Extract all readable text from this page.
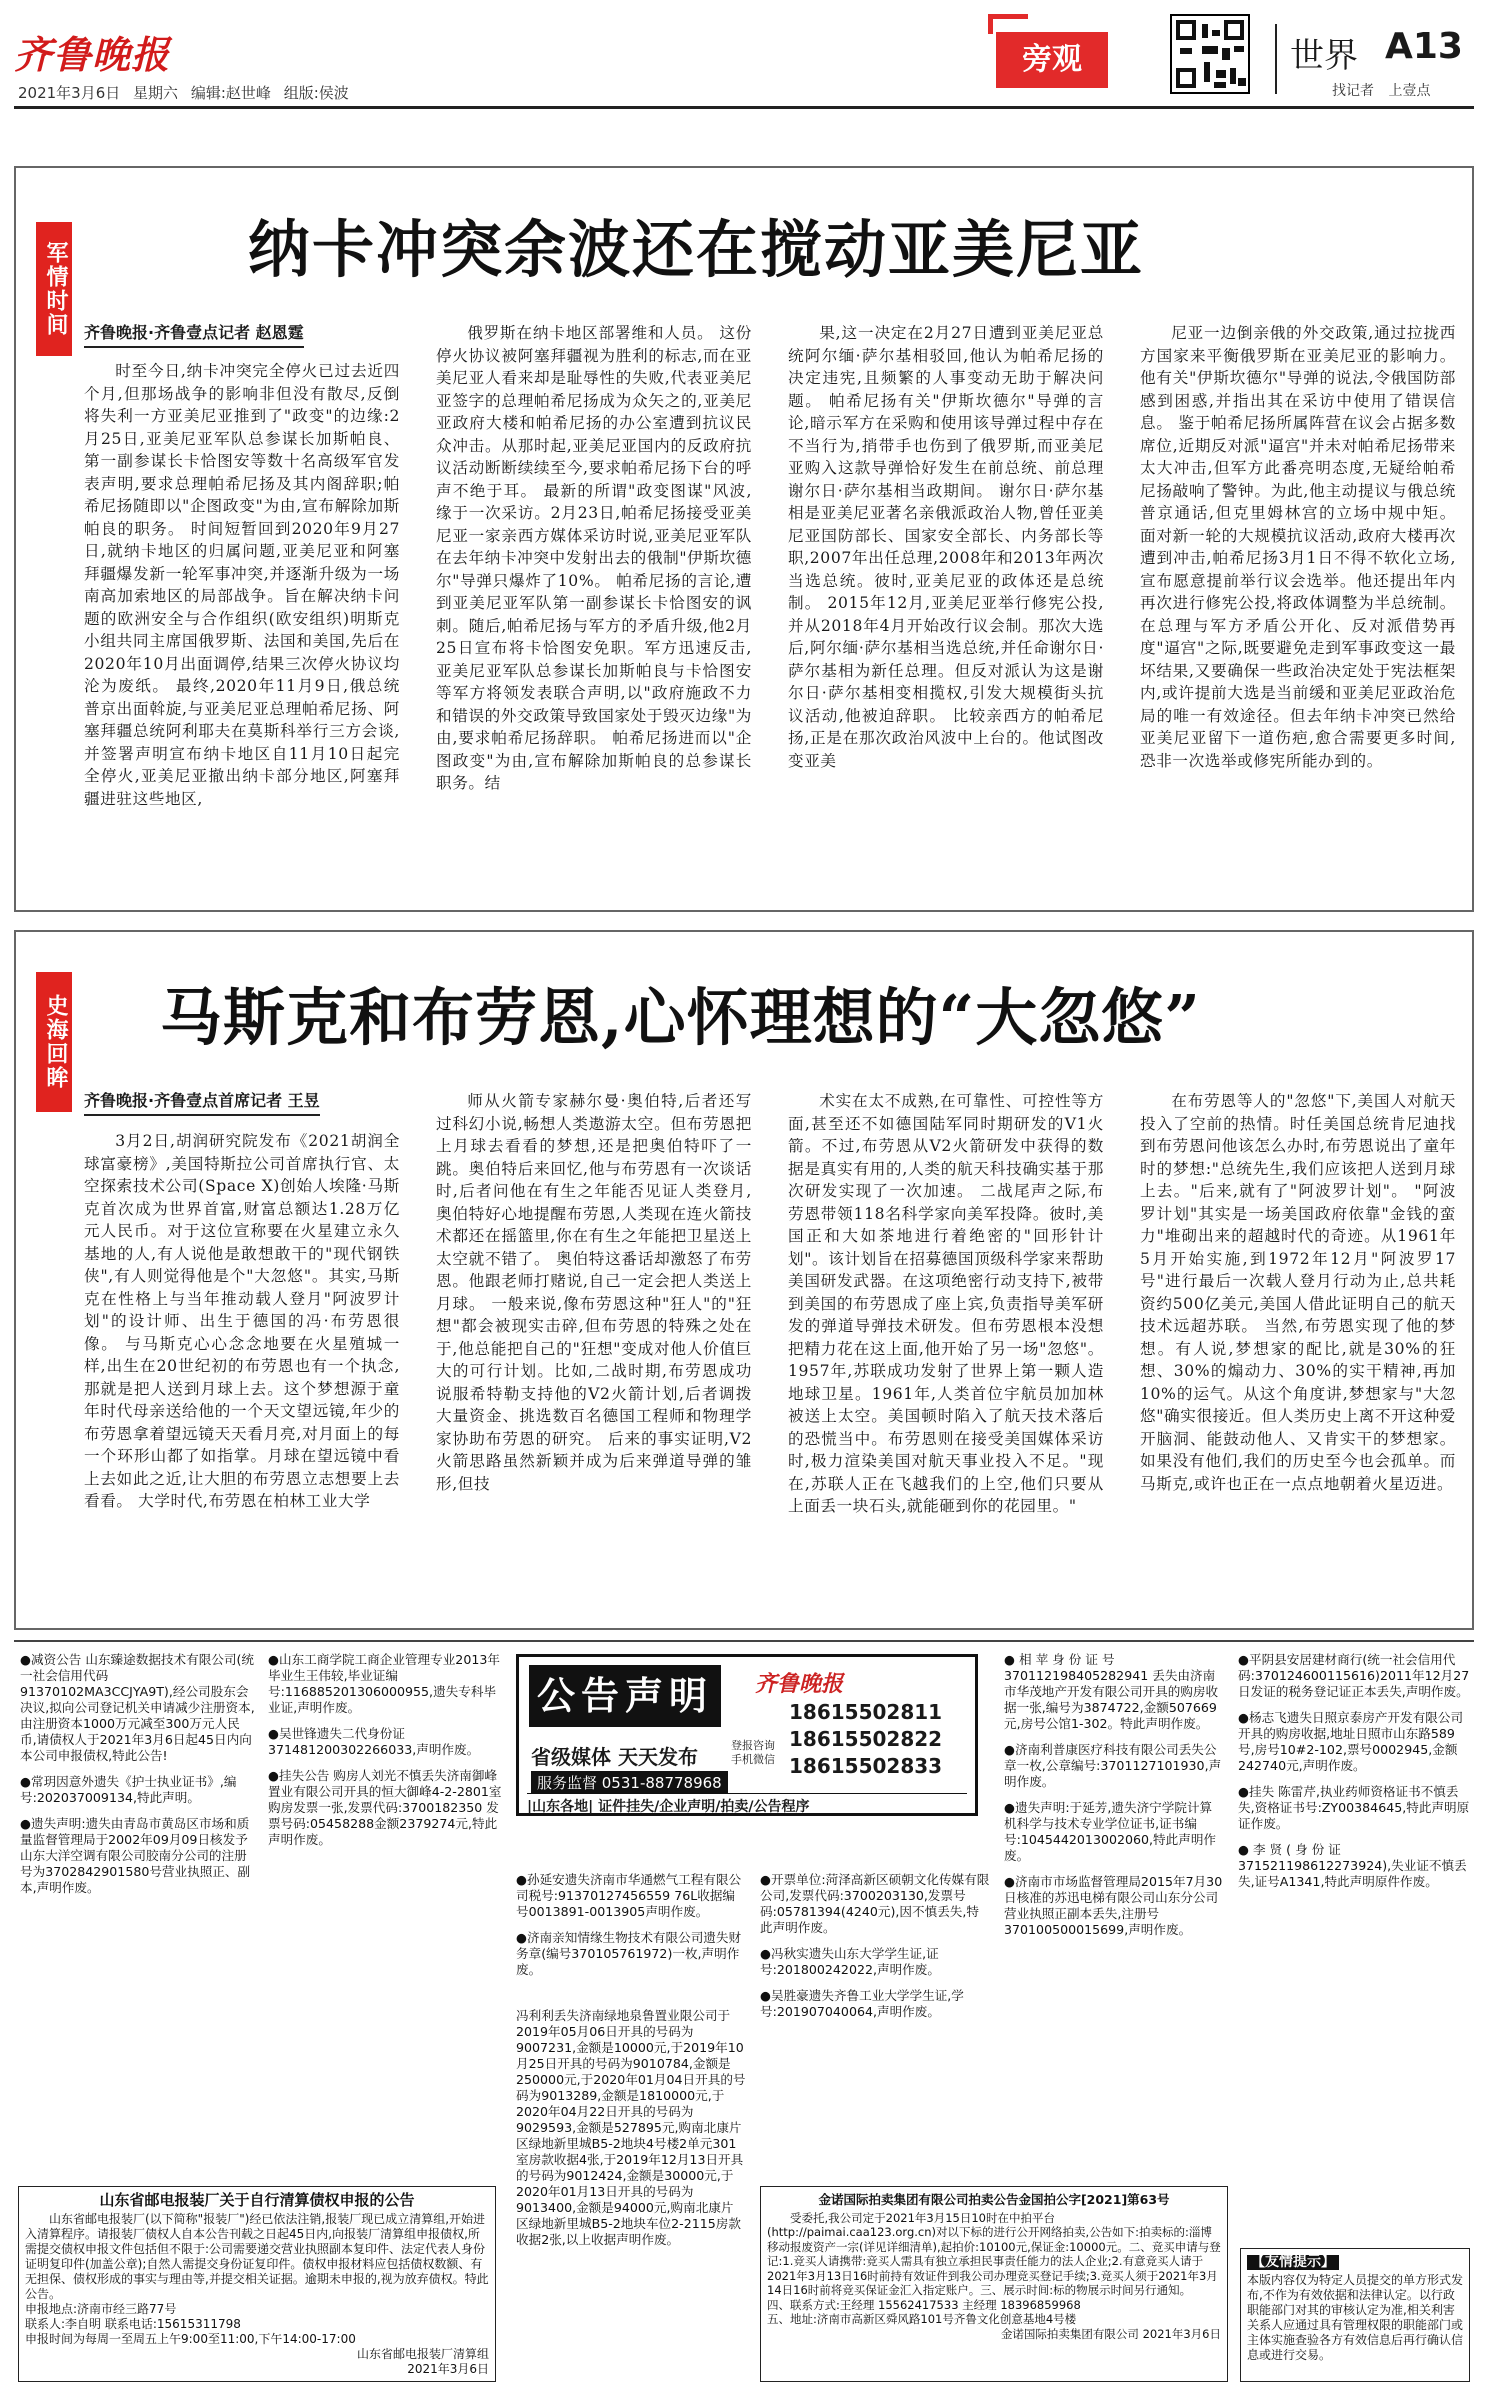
齐鲁晚报
2021年3月6日 星期六 编辑:赵世峰 组版:侯波
旁观	世界 A13
找记者 上壹点
军情时间	纳卡冲突余波还在搅动亚美尼亚
齐鲁晚报·齐鲁壹点记者 赵恩霆
时至今日,纳卡冲突完全停火已过去近四个月,但那场战争的影响非但没有散尽,反倒将失利一方亚美尼亚推到了"政变"的边缘:2月25日,亚美尼亚军队总参谋长加斯帕良、第一副参谋长卡恰图安等数十名高级军官发表声明,要求总理帕希尼扬及其内阁辞职;帕希尼扬随即以"企图政变"为由,宣布解除加斯帕良的职务。 时间短暂回到2020年9月27日,就纳卡地区的归属问题,亚美尼亚和阿塞拜疆爆发新一轮军事冲突,并逐渐升级为一场南高加索地区的局部战争。旨在解决纳卡问题的欧洲安全与合作组织(欧安组织)明斯克小组共同主席国俄罗斯、法国和美国,先后在2020年10月出面调停,结果三次停火协议均沦为废纸。 最终,2020年11月9日,俄总统普京出面斡旋,与亚美尼亚总理帕希尼扬、阿塞拜疆总统阿利耶夫在莫斯科举行三方会谈,并签署声明宣布纳卡地区自11月10日起完全停火,亚美尼亚撤出纳卡部分地区,阿塞拜疆进驻这些地区,
俄罗斯在纳卡地区部署维和人员。 这份停火协议被阿塞拜疆视为胜利的标志,而在亚美尼亚人看来却是耻辱性的失败,代表亚美尼亚签字的总理帕希尼扬成为众矢之的,亚美尼亚政府大楼和帕希尼扬的办公室遭到抗议民众冲击。从那时起,亚美尼亚国内的反政府抗议活动断断续续至今,要求帕希尼扬下台的呼声不绝于耳。 最新的所谓"政变图谋"风波,缘于一次采访。2月23日,帕希尼扬接受亚美尼亚一家亲西方媒体采访时说,亚美尼亚军队在去年纳卡冲突中发射出去的俄制"伊斯坎德尔"导弹只爆炸了10%。 帕希尼扬的言论,遭到亚美尼亚军队第一副参谋长卡恰图安的讽刺。随后,帕希尼扬与军方的矛盾升级,他2月25日宣布将卡恰图安免职。军方迅速反击,亚美尼亚军队总参谋长加斯帕良与卡恰图安等军方将领发表联合声明,以"政府施政不力和错误的外交政策导致国家处于毁灭边缘"为由,要求帕希尼扬辞职。 帕希尼扬进而以"企图政变"为由,宣布解除加斯帕良的总参谋长职务。结
果,这一决定在2月27日遭到亚美尼亚总统阿尔缅·萨尔基相驳回,他认为帕希尼扬的决定违宪,且频繁的人事变动无助于解决问题。 帕希尼扬有关"伊斯坎德尔"导弹的言论,暗示军方在采购和使用该导弹过程中存在不当行为,捎带手也伤到了俄罗斯,而亚美尼亚购入这款导弹恰好发生在前总统、前总理谢尔日·萨尔基相当政期间。 谢尔日·萨尔基相是亚美尼亚著名亲俄派政治人物,曾任亚美尼亚国防部长、国家安全部长、内务部长等职,2007年出任总理,2008年和2013年两次当选总统。彼时,亚美尼亚的政体还是总统制。 2015年12月,亚美尼亚举行修宪公投,并从2018年4月开始改行议会制。那次大选后,阿尔缅·萨尔基相当选总统,并任命谢尔日·萨尔基相为新任总理。但反对派认为这是谢尔日·萨尔基相变相揽权,引发大规模街头抗议活动,他被迫辞职。 比较亲西方的帕希尼扬,正是在那次政治风波中上台的。他试图改变亚美
尼亚一边倒亲俄的外交政策,通过拉拢西方国家来平衡俄罗斯在亚美尼亚的影响力。他有关"伊斯坎德尔"导弹的说法,令俄国防部感到困惑,并指出其在采访中使用了错误信息。 鉴于帕希尼扬所属阵营在议会占据多数席位,近期反对派"逼宫"并未对帕希尼扬带来太大冲击,但军方此番亮明态度,无疑给帕希尼扬敲响了警钟。为此,他主动提议与俄总统普京通话,但克里姆林宫的立场中规中矩。 面对新一轮的大规模抗议活动,政府大楼再次遭到冲击,帕希尼扬3月1日不得不软化立场,宣布愿意提前举行议会选举。他还提出年内再次进行修宪公投,将政体调整为半总统制。 在总理与军方矛盾公开化、反对派借势再度"逼宫"之际,既要避免走到军事政变这一最坏结果,又要确保一些政治决定处于宪法框架内,或许提前大选是当前缓和亚美尼亚政治危局的唯一有效途径。但去年纳卡冲突已然给亚美尼亚留下一道伤疤,愈合需要更多时间,恐非一次选举或修宪所能办到的。
史海回眸 马斯克和布劳恩,心怀理想的“大忽悠”
齐鲁晚报·齐鲁壹点首席记者 王昱
3月2日,胡润研究院发布《2021胡润全球富豪榜》,美国特斯拉公司首席执行官、太空探索技术公司(Space X)创始人埃隆·马斯克首次成为世界首富,财富总额达1.28万亿元人民币。对于这位宣称要在火星建立永久基地的人,有人说他是敢想敢干的"现代钢铁侠",有人则觉得他是个"大忽悠"。其实,马斯克在性格上与当年推动载人登月"阿波罗计划"的设计师、出生于德国的冯·布劳恩很像。 与马斯克心心念念地要在火星殖城一样,出生在20世纪初的布劳恩也有一个执念,那就是把人送到月球上去。这个梦想源于童年时代母亲送给他的一个天文望远镜,年少的布劳恩拿着望远镜天天看月亮,对月面上的每一个环形山都了如指掌。月球在望远镜中看上去如此之近,让大胆的布劳恩立志想要上去看看。 大学时代,布劳恩在柏林工业大学
师从火箭专家赫尔曼·奥伯特,后者还写过科幻小说,畅想人类遨游太空。但布劳恩把上月球去看看的梦想,还是把奥伯特吓了一跳。奥伯特后来回忆,他与布劳恩有一次谈话时,后者问他在有生之年能否见证人类登月,奥伯特好心地提醒布劳恩,人类现在连火箭技术都还在摇篮里,你在有生之年能把卫星送上太空就不错了。 奥伯特这番话却激怒了布劳恩。他跟老师打赌说,自己一定会把人类送上月球。 一般来说,像布劳恩这种"狂人"的"狂想"都会被现实击碎,但布劳恩的特殊之处在于,他总能把自己的"狂想"变成对他人价值巨大的可行计划。比如,二战时期,布劳恩成功说服希特勒支持他的V2火箭计划,后者调拨大量资金、挑选数百名德国工程师和物理学家协助布劳恩的研究。 后来的事实证明,V2火箭思路虽然新颖并成为后来弹道导弹的雏形,但技
术实在太不成熟,在可靠性、可控性等方面,甚至还不如德国陆军同时期研发的V1火箭。不过,布劳恩从V2火箭研发中获得的数据是真实有用的,人类的航天科技确实基于那次研发实现了一次加速。 二战尾声之际,布劳恩带领118名科学家向美军投降。彼时,美国正和大如茶地进行着绝密的"回形针计划"。该计划旨在招募德国顶级科学家来帮助美国研发武器。在这项绝密行动支持下,被带到美国的布劳恩成了座上宾,负责指导美军研发的弹道导弹技术研发。但布劳恩根本没想把精力花在这上面,他开始了另一场"忽悠"。 1957年,苏联成功发射了世界上第一颗人造地球卫星。1961年,人类首位宇航员加加林被送上太空。美国顿时陷入了航天技术落后的恐慌当中。布劳恩则在接受美国媒体采访时,极力渲染美国对航天事业投入不足。"现在,苏联人正在飞越我们的上空,他们只要从上面丢一块石头,就能砸到你的花园里。"
在布劳恩等人的"忽悠"下,美国人对航天投入了空前的热情。时任美国总统肯尼迪找到布劳恩问他该怎么办时,布劳恩说出了童年时的梦想:"总统先生,我们应该把人送到月球上去。"后来,就有了"阿波罗计划"。 "阿波罗计划"其实是一场美国政府依靠"金钱的蛮力"堆砌出来的超越时代的奇迹。从1961年5月开始实施,到1972年12月"阿波罗17号"进行最后一次载人登月行动为止,总共耗资约500亿美元,美国人借此证明自己的航天技术远超苏联。 当然,布劳恩实现了他的梦想。有人说,梦想家的配比,就是30%的狂想、30%的煽动力、30%的实干精神,再加10%的运气。从这个角度讲,梦想家与"大忽悠"确实很接近。但人类历史上离不开这种爱开脑洞、能鼓动他人、又肯实干的梦想家。如果没有他们,我们的历史至今也会孤单。而马斯克,或许也正在一点点地朝着火星迈进。
●减资公告 山东臻途数据技术有限公司(统一社会信用代码91370102MA3CCJYA9T),经公司股东会决议,拟向公司登记机关申请减少注册资本,由注册资本1000万元减至300万元人民币,请债权人于2021年3月6日起45日内向本公司申报债权,特此公告!
●常玥因意外遗失《护士执业证书》,编号:202037009134,特此声明。
●遗失声明:遗失由青岛市黄岛区市场和质量监督管理局于2002年09月09日核发予山东大洋空调有限公司胶南分公司的注册号为3702842901580号营业执照正、副本,声明作废。
●山东工商学院工商企业管理专业2013年毕业生王伟较,毕业证编号:116885201306000955,遗失专科毕业证,声明作废。
●吴世锋遗失二代身份证371481200302266033,声明作废。
●挂失公告 购房人刘光不慎丢失济南御峰置业有限公司开具的恒大御峰4-2-2801室购房发票一张,发票代码:3700182350 发票号码:05458288金额2379274元,特此声明作废。
公告声明	齐鲁晚报
省级媒体 天天发布	登报咨询 手机微信
服务监督 0531-88778968
18615502811
18615502822
18615502833
|山东各地| 证件挂失/企业声明/拍卖/公告程序
●孙延安遗失济南市华通燃气工程有限公司税号:91370127456559 76L收据编号0013891-0013905声明作废。
●济南亲知情缘生物技术有限公司遗失财务章(编号370105761972)一枚,声明作废。
冯利利丢失济南绿地泉鲁置业限公司于2019年05月06日开具的号码为9007231,金额是10000元,于2019年10月25日开具的号码为9010784,金额是250000元,于2020年01月04日开具的号码为9013289,金额是1810000元,于2020年04月22日开具的号码为9029593,金额是527895元,购南北康片区绿地新里城B5-2地块4号楼2单元301室房款收据4张,于2019年12月13日开具的号码为9012424,金额是30000元,于2020年01月13日开具的号码为9013400,金额是94000元,购南北康片区绿地新里城B5-2地块车位2-2115房款收据2张,以上收据声明作废。
●开票单位:菏泽高新区硕朝文化传媒有限公司,发票代码:3700203130,发票号码:05781394(4240元),因不慎丢失,特此声明作废。
●冯秋实遗失山东大学学生证,证号:201800242022,声明作废。
●吴胜豪遗失齐鲁工业大学学生证,学号:201907040064,声明作废。
● 相 苹 身 份 证 号370112198405282941 丢失由济南市华茂地产开发有限公司开具的购房收据一张,编号为3874722,金额507669元,房号公馆1-302。特此声明作废。
●济南利普康医疗科技有限公司丢失公章一枚,公章编号:3701127101930,声明作废。
●遗失声明:于延芳,遗失济宁学院计算机科学与技术专业学位证书,证书编号:1045442013002060,特此声明作废。
●济南市市场监督管理局2015年7月30日核准的苏迅电梯有限公司山东分公司营业执照正副本丢失,注册号370100500015699,声明作废。
●平阴县安居建材商行(统一社会信用代码:370124600115616)2011年12月27日发证的税务登记证正本丢失,声明作废。
●杨志飞遗失日照京泰房产开发有限公司开具的购房收据,地址日照市山东路589号,房号10#2-102,票号0002945,金额242740元,声明作废。
●挂失 陈雷芹,执业药师资格证书不慎丢失,资格证书号:ZY00384645,特此声明原证作废。
● 李 贤 ( 身 份 证371521198612273924),失业证不慎丢失,证号A1341,特此声明原件作废。
山东省邮电报装厂关于自行清算债权申报的公告
山东省邮电报装厂(以下简称"报装厂")经已依法注销,报装厂现已成立清算组,开始进入清算程序。请报装厂债权人自本公告刊载之日起45日内,向报装厂清算组申报债权,所需提交债权申报文件包括但不限于:公司需要递交营业执照副本复印件、法定代表人身份证明复印件(加盖公章);自然人需提交身份证复印件。债权申报材料应包括债权数额、有无担保、债权形成的事实与理由等,并提交相关证据。逾期未申报的,视为放弃债权。特此公告。
申报地点:济南市经三路77号
联系人:李自明 联系电话:15615311798
申报时间为每周一至周五上午9:00至11:00,下午14:00-17:00
山东省邮电报装厂清算组
2021年3月6日
金诺国际拍卖集团有限公司拍卖公告金国拍公字[2021]第63号
受委托,我公司定于2021年3月15日10时在中拍平台(http://paimai.caa123.org.cn)对以下标的进行公开网络拍卖,公告如下:拍卖标的:淄博移动报废资产一宗(详见详细清单),起拍价:10100元,保证金:10000元。二、竞买申请与登记:1.竞买人请携带:竞买人需具有独立承担民事责任能力的法人企业;2.有意竞买人请于2021年3月13日16时前持有效证件到我公司办理竞买登记手续;3.竞买人须于2021年3月14日16时前将竞买保证金汇入指定账户。三、展示时间:标的物展示时间另行通知。
四、联系方式:王经理 15562417533 主经理 18396859968
五、地址:济南市高新区舜风路101号齐鲁文化创意基地4号楼
金诺国际拍卖集团有限公司 2021年3月6日
【友情提示】
本版内容仅为特定人员提交的单方形式发布,不作为有效依据和法律认定。以行政职能部门对其的审核认定为准,相关利害关系人应通过具有管理权限的职能部门或主体实施查验各方有效信息后再行确认信息或进行交易。
